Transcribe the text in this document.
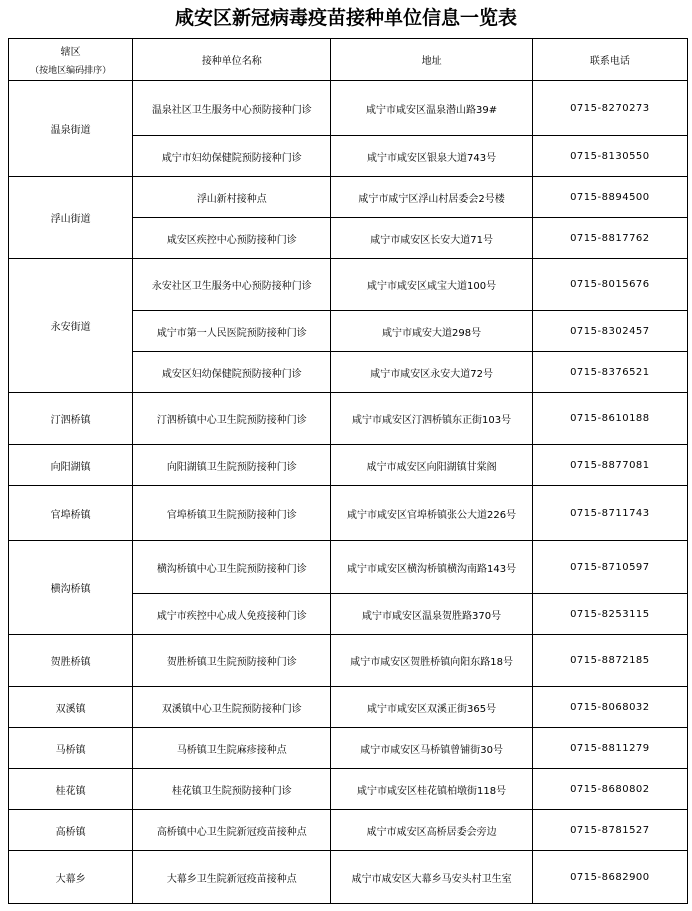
咸安区新冠病毒疫苗接种单位信息一览表
辖区
（按地区编码排序）	接种单位名称	地址	联系电话
温泉街道	温泉社区卫生服务中心预防接种门诊	咸宁市咸安区温泉潜山路39#	0715-8270273
	咸宁市妇幼保健院预防接种门诊	咸宁市咸安区银泉大道743号	0715-8130550
浮山街道	浮山新村接种点	咸宁市咸宁区浮山村居委会2号楼	0715-8894500
	咸安区疾控中心预防接种门诊	咸宁市咸安区长安大道71号	0715-8817762
永安街道	永安社区卫生服务中心预防接种门诊	咸宁市咸安区咸宝大道100号	0715-8015676
	咸宁市第一人民医院预防接种门诊	咸宁市咸安大道298号	0715-8302457
	咸安区妇幼保健院预防接种门诊	咸宁市咸安区永安大道72号	0715-8376521
汀泗桥镇	汀泗桥镇中心卫生院预防接种门诊	咸宁市咸安区汀泗桥镇东正街103号	0715-8610188
向阳湖镇	向阳湖镇卫生院预防接种门诊	咸宁市咸安区向阳湖镇甘棠阁	0715-8877081
官埠桥镇	官埠桥镇卫生院预防接种门诊	咸宁市咸安区官埠桥镇张公大道226号	0715-8711743
横沟桥镇	横沟桥镇中心卫生院预防接种门诊	咸宁市咸安区横沟桥镇横沟南路143号	0715-8710597
	咸宁市疾控中心成人免疫接种门诊	咸宁市咸安区温泉贺胜路370号	0715-8253115
贺胜桥镇	贺胜桥镇卫生院预防接种门诊	咸宁市咸安区贺胜桥镇向阳东路18号	0715-8872185
双溪镇	双溪镇中心卫生院预防接种门诊	咸宁市咸安区双溪正街365号	0715-8068032
马桥镇	马桥镇卫生院麻疹接种点	咸宁市咸安区马桥镇曾铺街30号	0715-8811279
桂花镇	桂花镇卫生院预防接种门诊	咸宁市咸安区桂花镇柏墩街118号	0715-8680802
高桥镇	高桥镇中心卫生院新冠疫苗接种点	咸宁市咸安区高桥居委会旁边	0715-8781527
大幕乡	大幕乡卫生院新冠疫苗接种点	咸宁市咸安区大幕乡马安头村卫生室	0715-8682900
